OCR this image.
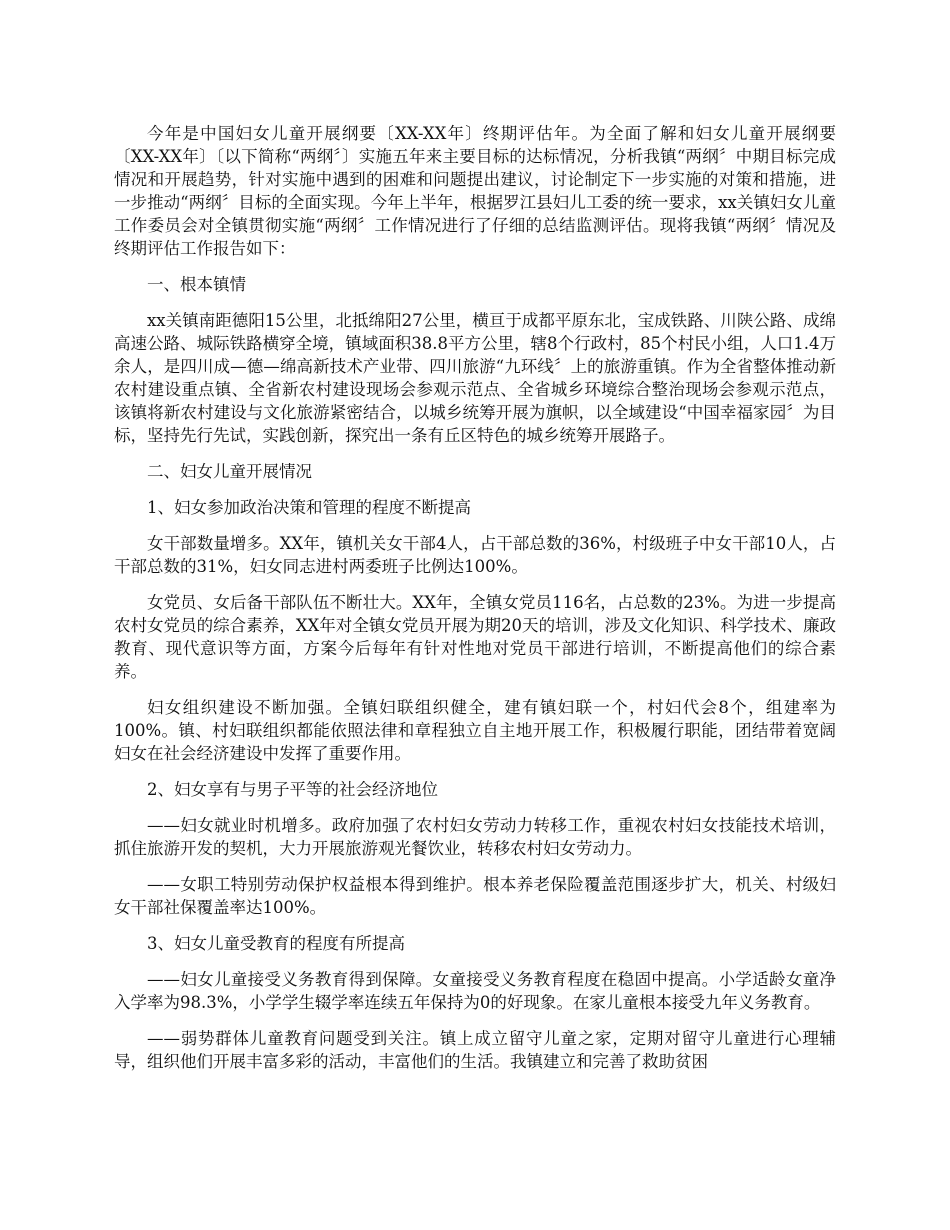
今年是中国妇女儿童开展纲要〔XX-XX年〕终期评估年。为全面了解和妇女儿童开展纲要〔XX-XX年〕〔以下简称“两纲〞〕实施五年来主要目标的达标情况，分析我镇“两纲〞中期目标完成情况和开展趋势，针对实施中遇到的困难和问题提出建议，讨论制定下一步实施的对策和措施，进一步推动“两纲〞目标的全面实现。今年上半年，根据罗江县妇儿工委的统一要求，xx关镇妇女儿童工作委员会对全镇贯彻实施“两纲〞工作情况进行了仔细的总结监测评估。现将我镇“两纲〞情况及终期评估工作报告如下：

一、根本镇情

xx关镇南距德阳15公里，北抵绵阳27公里，横亘于成都平原东北，宝成铁路、川陕公路、成绵高速公路、城际铁路横穿全境，镇域面积38.8平方公里，辖8个行政村，85个村民小组，人口1.4万余人，是四川成—德—绵高新技术产业带、四川旅游“九环线〞上的旅游重镇。作为全省整体推动新农村建设重点镇、全省新农村建设现场会参观示范点、全省城乡环境综合整治现场会参观示范点，该镇将新农村建设与文化旅游紧密结合，以城乡统筹开展为旗帜，以全域建设“中国幸福家园〞为目标，坚持先行先试，实践创新，探究出一条有丘区特色的城乡统筹开展路子。

二、妇女儿童开展情况

1、妇女参加政治决策和管理的程度不断提高

女干部数量增多。XX年，镇机关女干部4人，占干部总数的36%，村级班子中女干部10人，占干部总数的31%，妇女同志进村两委班子比例达100%。

女党员、女后备干部队伍不断壮大。XX年，全镇女党员116名，占总数的23%。为进一步提高农村女党员的综合素养，XX年对全镇女党员开展为期20天的培训，涉及文化知识、科学技术、廉政教育、现代意识等方面，方案今后每年有针对性地对党员干部进行培训，不断提高他们的综合素养。

妇女组织建设不断加强。全镇妇联组织健全，建有镇妇联一个，村妇代会8个，组建率为100%。镇、村妇联组织都能依照法律和章程独立自主地开展工作，积极履行职能，团结带着宽阔妇女在社会经济建设中发挥了重要作用。

2、妇女享有与男子平等的社会经济地位

——妇女就业时机增多。政府加强了农村妇女劳动力转移工作，重视农村妇女技能技术培训，抓住旅游开发的契机，大力开展旅游观光餐饮业，转移农村妇女劳动力。

——女职工特别劳动保护权益根本得到维护。根本养老保险覆盖范围逐步扩大，机关、村级妇女干部社保覆盖率达100%。

3、妇女儿童受教育的程度有所提高

——妇女儿童接受义务教育得到保障。女童接受义务教育程度在稳固中提高。小学适龄女童净入学率为98.3%，小学学生辍学率连续五年保持为0的好现象。在家儿童根本接受九年义务教育。

——弱势群体儿童教育问题受到关注。镇上成立留守儿童之家，定期对留守儿童进行心理辅导，组织他们开展丰富多彩的活动，丰富他们的生活。我镇建立和完善了救助贫困
